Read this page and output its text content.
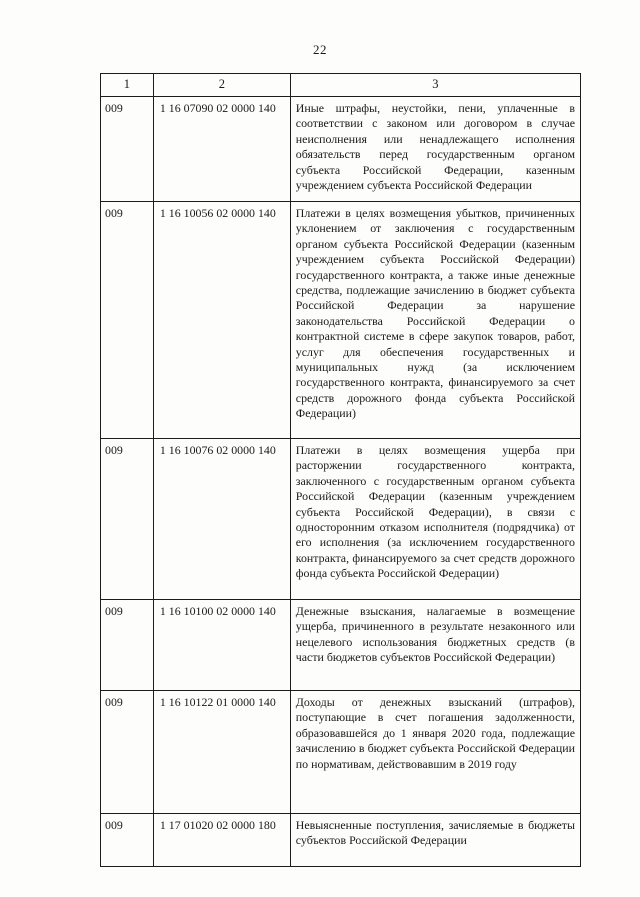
22
1	2	3
009	1 16 07090 02 0000 140	Иные штрафы, неустойки, пени, уплаченные в соответствии с законом или договором в случае неисполнения или ненадлежащего исполнения обязательств перед государственным органом субъекта Российской Федерации, казенным учреждением субъекта Российской Федерации
009	1 16 10056 02 0000 140	Платежи в целях возмещения убытков, причиненных уклонением от заключения с государственным органом субъекта Российской Федерации (казенным учреждением субъекта Российской Федерации) государственного контракта, а также иные денежные средства, подлежащие зачислению в бюджет субъекта Российской Федерации за нарушение законодательства Российской Федерации о контрактной системе в сфере закупок товаров, работ, услуг для обеспечения государственных и муниципальных нужд (за исключением государственного контракта, финансируемого за счет средств дорожного фонда субъекта Российской Федерации)
009	1 16 10076 02 0000 140	Платежи в целях возмещения ущерба при расторжении государственного контракта, заключенного с государственным органом субъекта Российской Федерации (казенным учреждением субъекта Российской Федерации), в связи с односторонним отказом исполнителя (подрядчика) от его исполнения (за исключением государственного контракта, финансируемого за счет средств дорожного фонда субъекта Российской Федерации)
009	1 16 10100 02 0000 140	Денежные взыскания, налагаемые в возмещение ущерба, причиненного в результате незаконного или нецелевого использования бюджетных средств (в части бюджетов субъектов Российской Федерации)
009	1 16 10122 01 0000 140	Доходы от денежных взысканий (штрафов), поступающие в счет погашения задолженности, образовавшейся до 1 января 2020 года, подлежащие зачислению в бюджет субъекта Российской Федерации по нормативам, действовавшим в 2019 году
009	1 17 01020 02 0000 180	Невыясненные поступления, зачисляемые в бюджеты субъектов Российской Федерации
